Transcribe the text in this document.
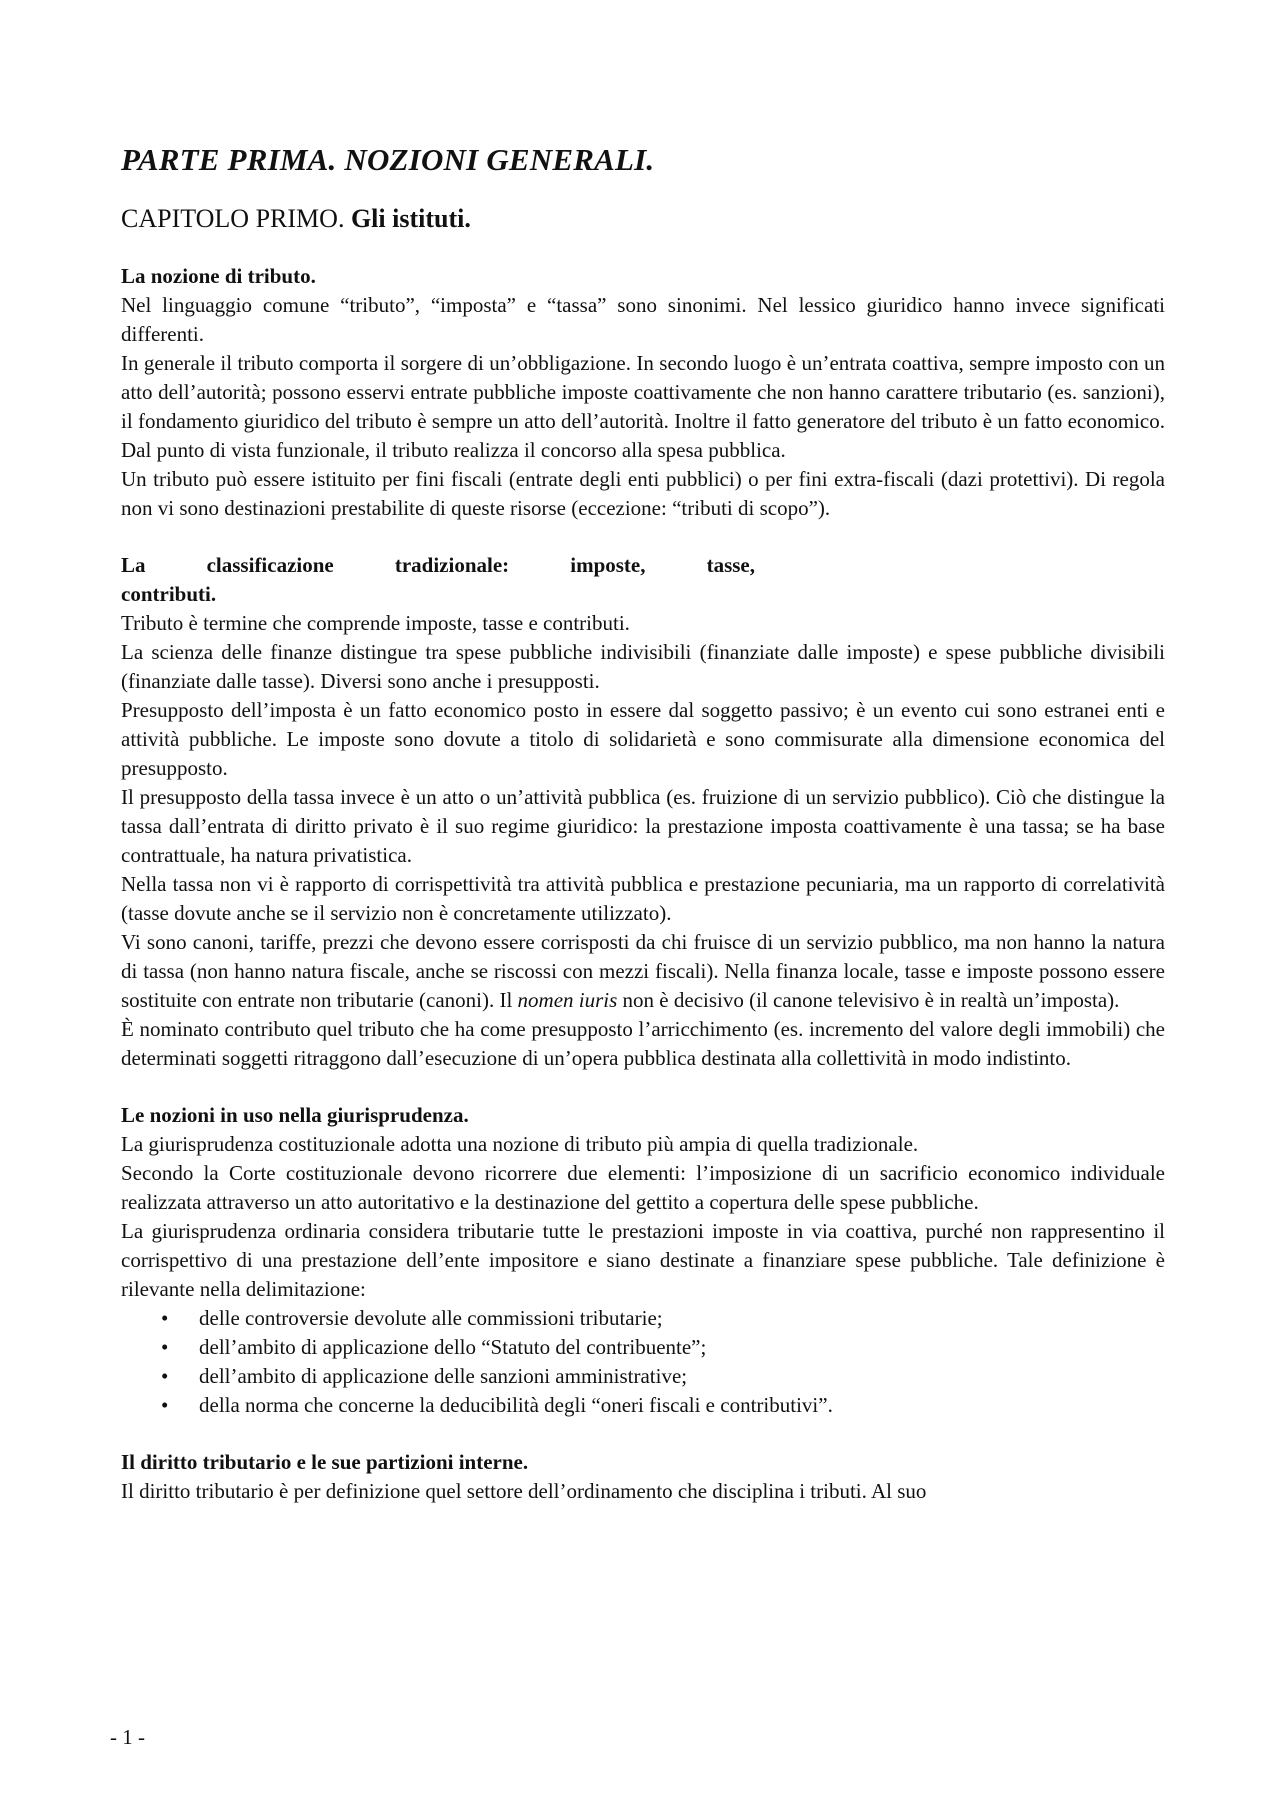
PARTE PRIMA. NOZIONI GENERALI.
CAPITOLO PRIMO. Gli istituti.
La nozione di tributo.

Nel linguaggio comune “tributo”, “imposta” e “tassa” sono sinonimi. Nel lessico giuridico hanno invece significati differenti.

In generale il tributo comporta il sorgere di un’obbligazione. In secondo luogo è un’entrata coattiva, sempre imposto con un atto dell’autorità; possono esservi entrate pubbliche imposte coattivamente che non hanno carattere tributario (es. sanzioni), il fondamento giuridico del tributo è sempre un atto dell’autorità. Inoltre il fatto generatore del tributo è un fatto economico. Dal punto di vista funzionale, il tributo realizza il concorso alla spesa pubblica.

Un tributo può essere istituito per fini fiscali (entrate degli enti pubblici) o per fini extra-fiscali (dazi protettivi). Di regola non vi sono destinazioni prestabilite di queste risorse (eccezione: “tributi di scopo”).

La classificazione tradizionale: imposte, tasse,
contributi.

Tributo è termine che comprende imposte, tasse e contributi.

La scienza delle finanze distingue tra spese pubbliche indivisibili (finanziate dalle imposte) e spese pubbliche divisibili (finanziate dalle tasse). Diversi sono anche i presupposti.

Presupposto dell’imposta è un fatto economico posto in essere dal soggetto passivo; è un evento cui sono estranei enti e attività pubbliche. Le imposte sono dovute a titolo di solidarietà e sono commisurate alla dimensione economica del presupposto.

Il presupposto della tassa invece è un atto o un’attività pubblica (es. fruizione di un servizio pubblico). Ciò che distingue la tassa dall’entrata di diritto privato è il suo regime giuridico: la prestazione imposta coattivamente è una tassa; se ha base contrattuale, ha natura privatistica.

Nella tassa non vi è rapporto di corrispettività tra attività pubblica e prestazione pecuniaria, ma un rapporto di correlatività (tasse dovute anche se il servizio non è concretamente utilizzato).

Vi sono canoni, tariffe, prezzi che devono essere corrisposti da chi fruisce di un servizio pubblico, ma non hanno la natura di tassa (non hanno natura fiscale, anche se riscossi con mezzi fiscali). Nella finanza locale, tasse e imposte possono essere sostituite con entrate non tributarie (canoni). Il nomen iuris non è decisivo (il canone televisivo è in realtà un’imposta).

È nominato contributo quel tributo che ha come presupposto l’arricchimento (es. incremento del valore degli immobili) che determinati soggetti ritraggono dall’esecuzione di un’opera pubblica destinata alla collettività in modo indistinto.

Le nozioni in uso nella giurisprudenza.

La giurisprudenza costituzionale adotta una nozione di tributo più ampia di quella tradizionale.

Secondo la Corte costituzionale devono ricorrere due elementi: l’imposizione di un sacrificio economico individuale realizzata attraverso un atto autoritativo e la destinazione del gettito a copertura delle spese pubbliche.

La giurisprudenza ordinaria considera tributarie tutte le prestazioni imposte in via coattiva, purché non rappresentino il corrispettivo di una prestazione dell’ente impositore e siano destinate a finanziare spese pubbliche. Tale definizione è rilevante nella delimitazione:

• delle controversie devolute alle commissioni tributarie;
• dell’ambito di applicazione dello “Statuto del contribuente”;
• dell’ambito di applicazione delle sanzioni amministrative;
• della norma che concerne la deducibilità degli “oneri fiscali e contributivi”.
Il diritto tributario e le sue partizioni interne.

Il diritto tributario è per definizione quel settore dell’ordinamento che disciplina i tributi. Al suo

- 1 -
